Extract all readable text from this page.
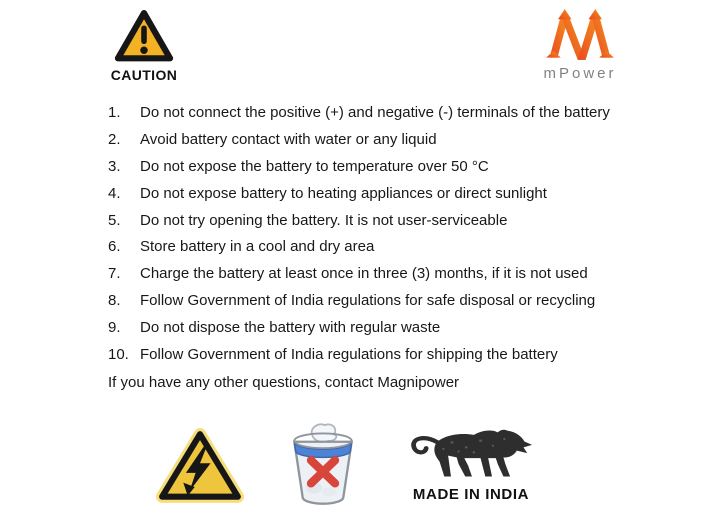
CAUTION	mPower
1.	Do not connect the positive (+) and negative (-) terminals of the battery
2.	Avoid battery contact with water or any liquid
3.	Do not expose the battery to temperature over 50 °C
4.	Do not expose battery to heating appliances or direct sunlight
5.	Do not try opening the battery. It is not user-serviceable
6.	Store battery in a cool and dry area
7.	Charge the battery at least once in three (3) months, if it is not used
8.	Follow Government of India regulations for safe disposal or recycling
9.	Do not dispose the battery with regular waste
10. Follow Government of India regulations for shipping the battery
If you have any other questions, contact Magnipower
MADE IN INDIA
